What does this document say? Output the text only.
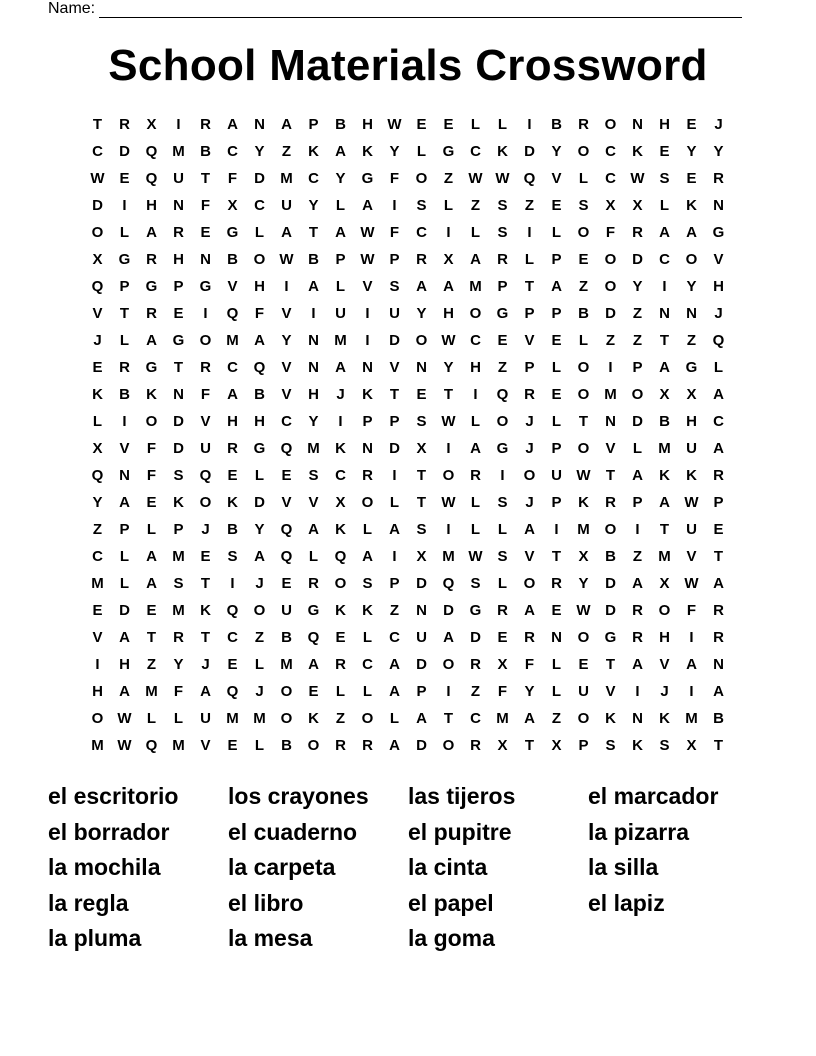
Name:
School Materials Crossword
T	R	X	I	R	A	N	A	P	B	H W E	E	L	L	I	B	R	O	N	H	E	J
C	D	Q M	B	C	Y	Z	K	A	K	Y	L	G	C	K	D	Y	O	C	K	E	Y	Y
W E	Q	U	T	F	D	M	C	Y	G	F	O	Z	W W Q	V	L	C W S	E	R
D	I	H	N	F	X	C	U	Y	L	A	I	S	L	Z	S	Z	E	S	X	X	L	K	N
O	L	A	R	E	G	L	A	T	A W	F	C	I	L	S	I	L	O	F	R	A	A	G
X	G	R	H	N	B	O W B	P W P	R	X	A	R	L	P	E	O	D	C	O	V
Q	P	G	P	G	V	H	I	A	L	V	S	A	A	M	P	T	A	Z	O	Y	I	Y	H
V	T	R	E	I	Q	F	V	I	U	I	U	Y	H	O	G	P	P	B	D	Z	N	N	J
J	L	A	G	O M	A	Y	N	M	I	D	O W C	E	V	E	L	Z	Z	T	Z	Q
E	R	G	T	R	C	Q	V	N	A	N	V	N	Y	H	Z	P	L	O	I	P	A	G	L
K	B	K	N	F	A	B	V	H	J	K	T	E	T	I	Q	R	E	O M O	X	X	A
L	I	O	D	V	H	H	C	Y	I	P	P	S W	L	O	J	L	T	N	D	B	H	C
X	V	F	D	U	R	G	Q M	K	N	D	X	I	A	G	J	P	O	V	L	M	U	A
Q	N	F	S	Q	E	L	E	S	C	R	I	T	O	R	I	O	U W	T	A	K	K	R
Y	A	E	K	O	K	D	V	V	X	O	L	T	W	L	S	J	P	K	R	P	A W P
Z	P	L	P	J	B	Y	Q	A	K	L	A	S	I	L	L	A	I	M O	I	T	U	E
C	L	A	M	E	S	A	Q	L	Q	A	I	X	M W S	V	T	X	B	Z	M	V	T
M	L	A	S	T	I	J	E	R	O	S	P	D	Q	S	L	O	R	Y	D	A	X W A
E	D	E	M	K	Q	O	U	G	K	K	Z	N	D	G	R	A	E W D	R	O	F	R
V	A	T	R	T	C	Z	B	Q	E	L	C	U	A	D	E	R	N	O	G	R	H	I	R
I	H	Z	Y	J	E	L	M	A	R	C	A	D	O	R	X	F	L	E	T	A	V	A	N
H	A	M	F	A	Q	J	O	E	L	L	A	P	I	Z	F	Y	L	U	V	I	J	I	A
O W	L	L	U	M M O	K	Z	O	L	A	T	C	M	A	Z	O	K	N	K	M	B
M W Q M	V	E	L	B	O	R	R	A	D	O	R	X	T	X	P	S	K	S	X	T
el escritorio	los crayones	las tijeros	el marcador
el borrador	el cuaderno	el pupitre	la pizarra
la mochila	la carpeta	la cinta	la silla
la regla	el libro	el papel	el lapiz
la pluma	la mesa	la goma
